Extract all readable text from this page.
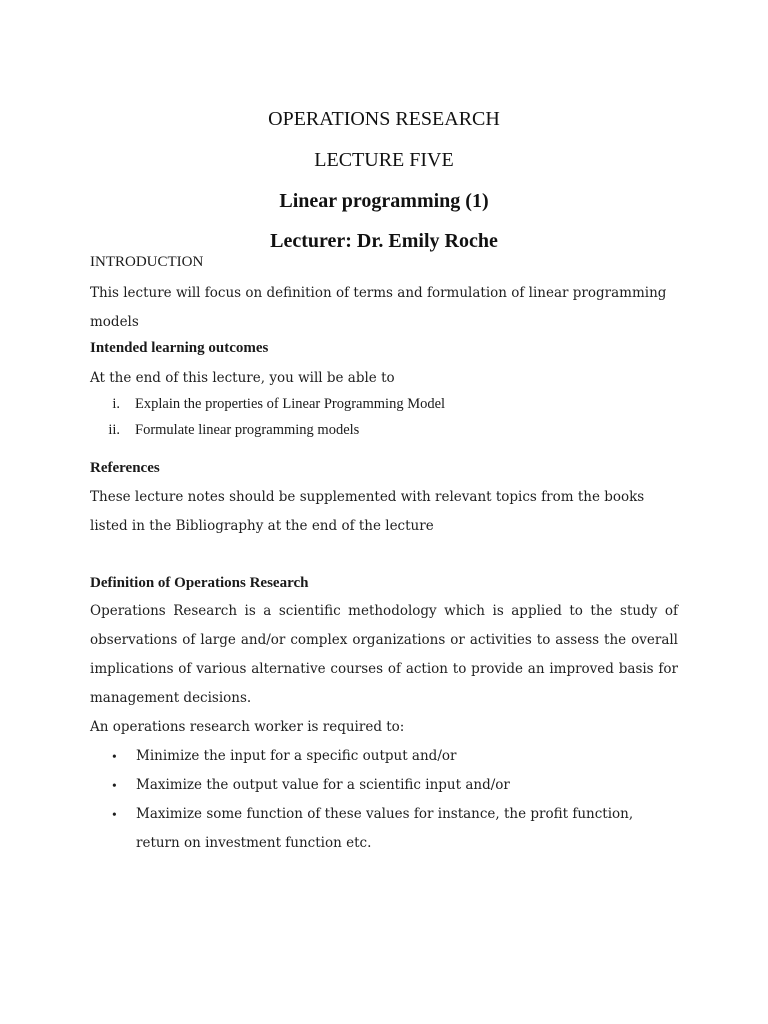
OPERATIONS RESEARCH
LECTURE FIVE
Linear programming (1)
Lecturer: Dr. Emily Roche
INTRODUCTION

This lecture will focus on definition of terms and formulation of linear programming models

Intended learning outcomes

At the end of this lecture, you will be able to

i. Explain the properties of Linear Programming Model
ii. Formulate linear programming models
References

These lecture notes should be supplemented with relevant topics from the books listed in the Bibliography at the end of the lecture

Definition of Operations Research

Operations Research is a scientific methodology which is applied to the study of observations of large and/or complex organizations or activities to assess the overall implications of various alternative courses of action to provide an improved basis for management decisions.

An operations research worker is required to:

• Minimize the input for a specific output and/or
• Maximize the output value for a scientific input and/or
• Maximize some function of these values for instance, the profit function, return on investment function etc.
